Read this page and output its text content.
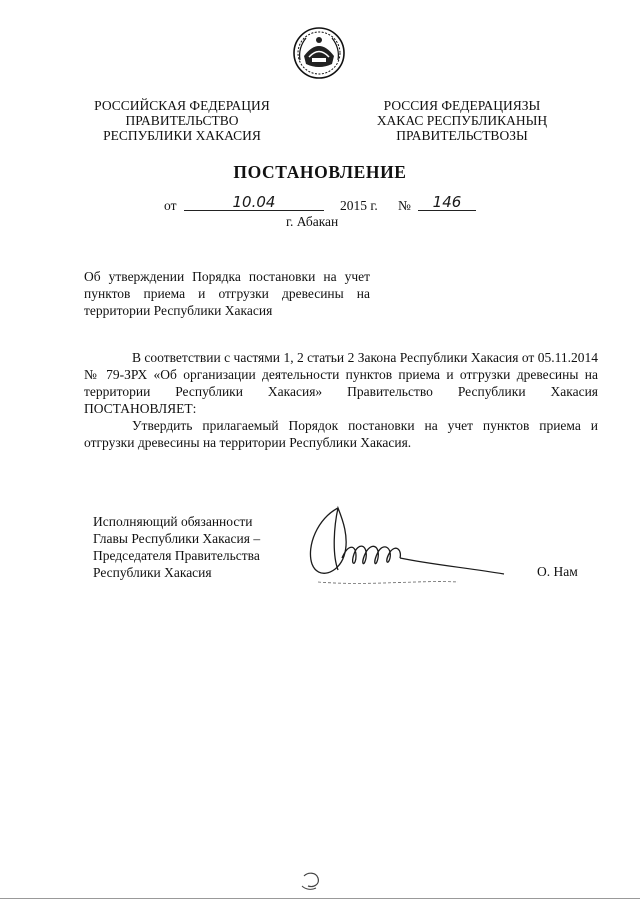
РОССИЙСКАЯ ФЕДЕРАЦИЯ
ПРАВИТЕЛЬСТВО
РЕСПУБЛИКИ ХАКАСИЯ
РОССИЯ ФЕДЕРАЦИЯЗЫ
ХАКАС РЕСПУБЛИКАНЫҢ
ПРАВИТЕЛЬСТВОЗЫ
ПОСТАНОВЛЕНИЕ
от	10.04	2015 г. №	146
г. Абакан
Об утверждении Порядка постановки на учет пунктов приема и отгрузки древесины на территории Республики Хакасия

В соответствии с частями 1, 2 статьи 2 Закона Республики Хакасия от 05.11.2014 № 79-ЗРХ «Об организации деятельности пунктов приема и отгрузки древесины на территории Республики Хакасия» Правительство Республики Хакасия ПОСТАНОВЛЯЕТ:

Утвердить прилагаемый Порядок постановки на учет пунктов приема и отгрузки древесины на территории Республики Хакасия.

Исполняющий обязанности
Главы Республики Хакасия –
Председателя Правительства
Республики Хакасия	О. Нам
